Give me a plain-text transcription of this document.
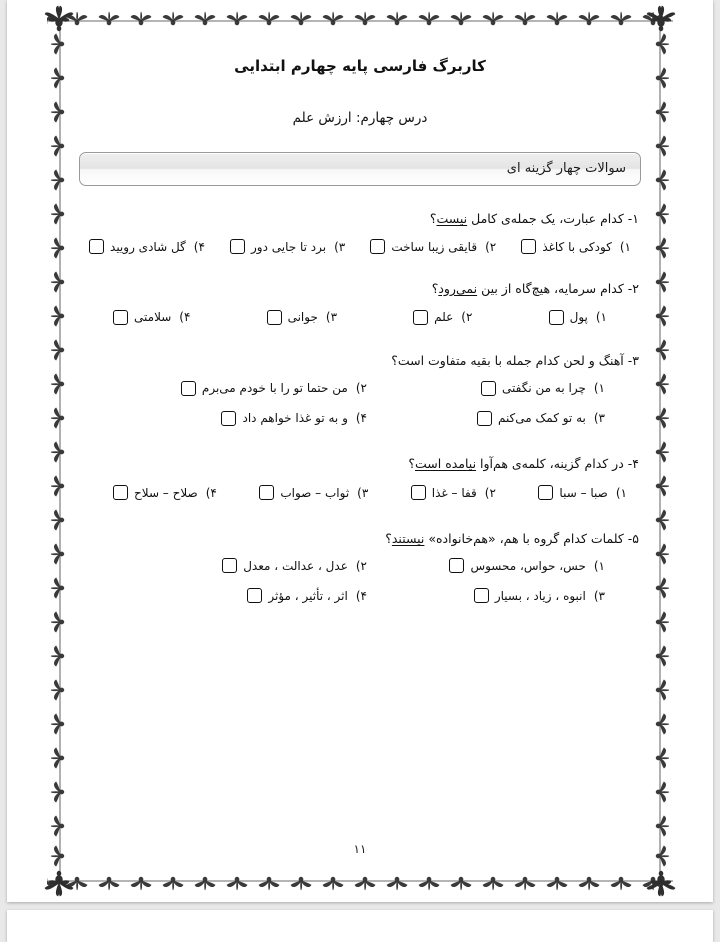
کاربرگ فارسی پایه چهارم ابتدایی
درس چهارم: ارزش علم
سوالات چهار گزینه ای
۱- کدام عبارت، یک جمله‌ی کامل نیست؟
۱)
کودکی با کاغذ
۲)
قایقی زیبا ساخت
۳)
برد تا جایی دور
۴)
گل شادی رویید
۲- کدام سرمایه، هیچ‌گاه از بین نمی‌رود؟
۱)
پول
۲)
علم
۳)
جوانی
۴)
سلامتی
۳- آهنگ و لحن کدام جمله با بقیه متفاوت است؟
۱)
چرا به من نگفتی
۲)
من حتما تو را با خودم می‌برم
۳)
به تو کمک می‌کنم
۴)
و به تو غذا خواهم داد
۴- در کدام گزینه، کلمه‌ی هم‌آوا نیامده است؟
۱)
صبا – سبا
۲)
قفا – غذا
۳)
ثواب – صواب
۴)
صلاح – سلاح
۵- کلمات کدام گروه با هم، «هم‌خانواده» نیستند؟
۱)
حس، حواس، محسوس
۲)
عدل ، عدالت ، معدل
۳)
انبوه ، زیاد ، بسیار
۴)
اثر ، تأثیر ، مؤثر
۱۱
